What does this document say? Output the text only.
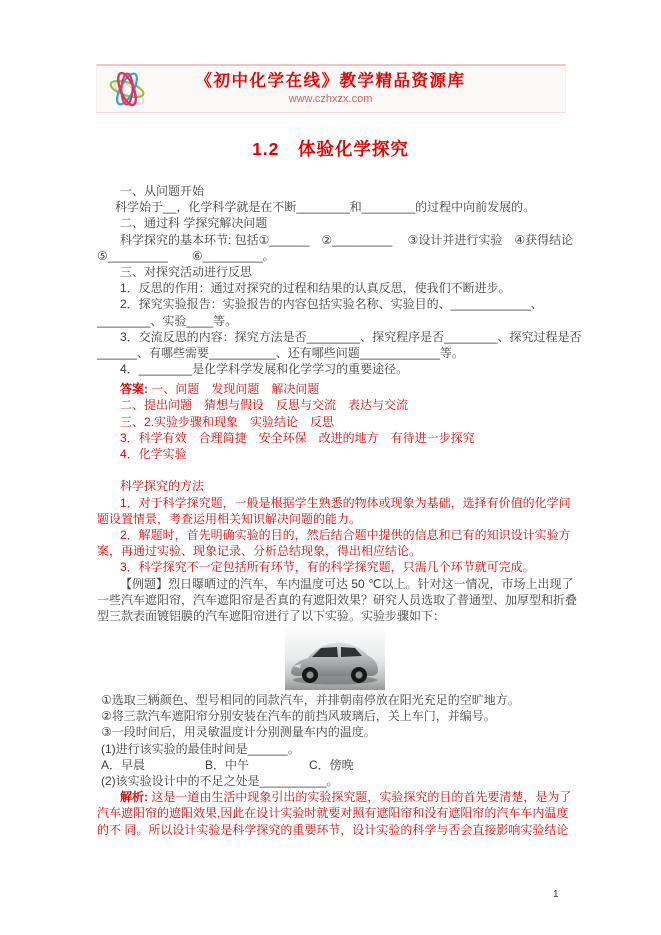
《初中化学在线》教学精品资源库
www.czhxzx.com
1.2　体验化学探究
一、从问题开始
科学始于__，化学科学就是在不断________和________的过程中向前发展的。
二、通过科 学探究解决问题
科学探究的基本环节: 包括①______　②_________　 ③设计并进行实验　④获得结论
⑤_________　　⑥_________。
三、对探究活动进行反思
1．反思的作用：通过对探究的过程和结果的认真反思，使我们不断进步。
2．探究实验报告：实验报告的内容包括实验名称、实验目的、____________、
________、实验____等。
3．交流反思的内容：探究方法是否________、探究程序是否________、探究过程是否
______、有哪些需要__________、还有哪些问题____________等。
4．________是化学科学发展和化学学习的重要途径。
答案: 一、问题　发现问题　解决问题
二、提出问题　猜想与假设　反思与交流　表达与交流
三、2.实验步骤和现象　实验结论　反思
3．科学有效　合理简捷　安全环保　改进的地方　有待进一步探究
4．化学实验
科学探究的方法
1．对于科学探究题，一般是根据学生熟悉的物体或现象为基础，选择有价值的化学问
题设置情景，考查运用相关知识解决问题的能力。
2．解题时，首先明确实验的目的，然后结合题中提供的信息和已有的知识设计实验方
案，再通过实验、现象记录、分析总结现象，得出相应结论。
3．科学探究不一定包括所有环节，有的科学探究题，只需几个环节就可完成。
【例题】烈日曝晒过的汽车，车内温度可达 50 ℃以上。针对这一情况，市场上出现了
一些汽车遮阳帘，汽车遮阳帘是否真的有遮阳效果？研究人员选取了普通型、加厚型和折叠
型三款表面镀铝膜的汽车遮阳帘进行了以下实验。实验步骤如下：
①选取三辆颜色、型号相同的同款汽车，并排朝南停放在阳光充足的空旷地方。
②将三款汽车遮阳帘分别安装在汽车的前挡风玻璃后，关上车门，并编号。
③一段时间后，用灵敏温度计分别测量车内的温度。
(1)进行该实验的最佳时间是______。
A．早晨　　　　　B．中午　　　　　C．傍晚
(2)该实验设计中的不足之处是__________。
解析: 这是一道由生活中现象引出的实验探究题，实验探究的目的首先要清楚，是为了
汽车遮阳帘的遮阳效果,因此在设计实验时就要对照有遮阳帘和没有遮阳帘的汽车车内温度
的不 同。所以设计实验是科学探究的重要环节，设计实验的科学与否会直接影响实验结论
1
